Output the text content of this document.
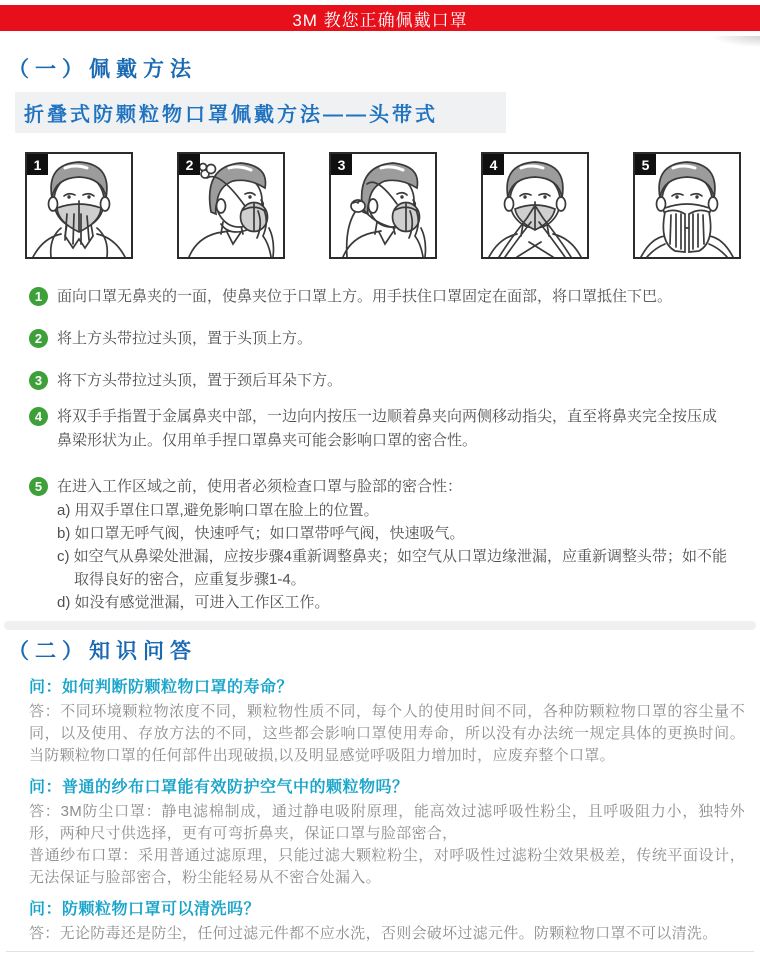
3M 教您正确佩戴口罩
（一）佩戴方法
折叠式防颗粒物口罩佩戴方法——头带式
1	2	3	4	5
1 面向口罩无鼻夹的一面，使鼻夹位于口罩上方。用手扶住口罩固定在面部，将口罩抵住下巴。
2 将上方头带拉过头顶，置于头顶上方。
3 将下方头带拉过头顶，置于颈后耳朵下方。
4 将双手手指置于金属鼻夹中部，一边向内按压一边顺着鼻夹向两侧移动指尖，直至将鼻夹完全按压成鼻梁形状为止。仅用单手捏口罩鼻夹可能会影响口罩的密合性。
5 在进入工作区域之前，使用者必须检查口罩与脸部的密合性：
a) 用双手罩住口罩,避免影响口罩在脸上的位置。
b) 如口罩无呼气阀，快速呼气；如口罩带呼气阀，快速吸气。
c) 如空气从鼻梁处泄漏，应按步骤4重新调整鼻夹；如空气从口罩边缘泄漏，应重新调整头带；如不能取得良好的密合，应重复步骤1-4。
d) 如没有感觉泄漏，可进入工作区工作。
（二）知识问答
问：如何判断防颗粒物口罩的寿命？

答：不同环境颗粒物浓度不同，颗粒物性质不同，每个人的使用时间不同，各种防颗粒物口罩的容尘量不同，以及使用、存放方法的不同，这些都会影响口罩使用寿命，所以没有办法统一规定具体的更换时间。当防颗粒物口罩的任何部件出现破损,以及明显感觉呼吸阻力增加时，应废弃整个口罩。

问：普通的纱布口罩能有效防护空气中的颗粒物吗？

答：3M防尘口罩：静电滤棉制成，通过静电吸附原理，能高效过滤呼吸性粉尘，且呼吸阻力小，独特外形，两种尺寸供选择，更有可弯折鼻夹，保证口罩与脸部密合，

普通纱布口罩：采用普通过滤原理，只能过滤大颗粒粉尘，对呼吸性过滤粉尘效果极差，传统平面设计，无法保证与脸部密合，粉尘能轻易从不密合处漏入。

问：防颗粒物口罩可以清洗吗？

答：无论防毒还是防尘，任何过滤元件都不应水洗，否则会破坏过滤元件。防颗粒物口罩不可以清洗。
